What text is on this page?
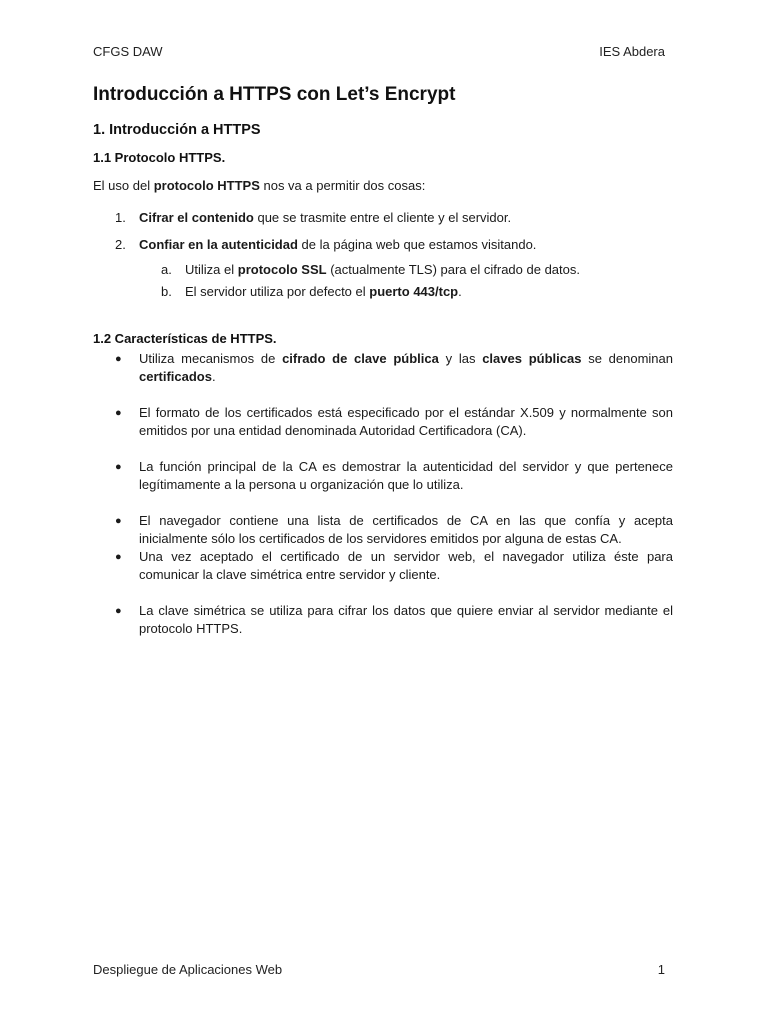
CFGS DAW	IES Abdera
Introducción a HTTPS con Let’s Encrypt
1. Introducción a HTTPS
1.1 Protocolo HTTPS.

El uso del protocolo HTTPS nos va a permitir dos cosas:

1.	Cifrar el contenido que se trasmite entre el cliente y el servidor.
2.	Confiar en la autenticidad de la página web que estamos visitando.
a.	Utiliza el protocolo SSL (actualmente TLS) para el cifrado de datos.
b.	El servidor utiliza por defecto el puerto 443/tcp.
1.2 Características de HTTPS.
●	Utiliza mecanismos de cifrado de clave pública y las claves públicas se denominan certificados.
●	El formato de los certificados está especificado por el estándar X.509 y normalmente son emitidos por una entidad denominada Autoridad Certificadora (CA).
●	La función principal de la CA es demostrar la autenticidad del servidor y que pertenece legítimamente a la persona u organización que lo utiliza.
●	El navegador contiene una lista de certificados de CA en las que confía y acepta inicialmente sólo los certificados de los servidores emitidos por alguna de estas CA.
●	Una vez aceptado el certificado de un servidor web, el navegador utiliza éste para comunicar la clave simétrica entre servidor y cliente.
●	La clave simétrica se utiliza para cifrar los datos que quiere enviar al servidor mediante el protocolo HTTPS.
Despliegue de Aplicaciones Web	1
